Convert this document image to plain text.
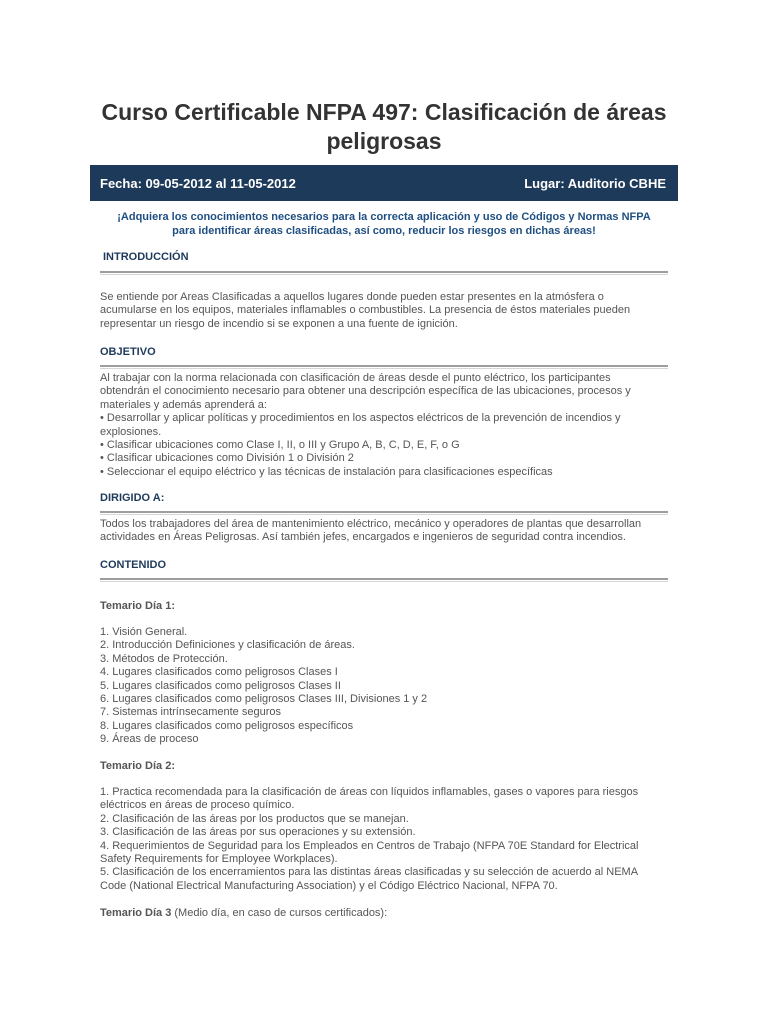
Curso Certificable NFPA 497: Clasificación de áreas peligrosas
Fecha: 09-05-2012 al 11-05-2012	Lugar: Auditorio CBHE
¡Adquiera los conocimientos necesarios para la correcta aplicación y uso de Códigos y Normas NFPA
para identificar áreas clasificadas, así como, reducir los riesgos en dichas áreas!
INTRODUCCIÓN
Se entiende por Areas Clasificadas a aquellos lugares donde pueden estar presentes en la atmósfera o
acumularse en los equipos, materiales inflamables o combustibles. La presencia de éstos materiales pueden
representar un riesgo de incendio si se exponen a una fuente de ignición.
OBJETIVO
Al trabajar con la norma relacionada con clasificación de áreas desde el punto eléctrico, los participantes
obtendrán el conocimiento necesario para obtener una descripción específica de las ubicaciones, procesos y
materiales y además aprenderá a:
• Desarrollar y aplicar políticas y procedimientos en los aspectos eléctricos de la prevención de incendios y
explosiones.
• Clasificar ubicaciones como Clase I, II, o III y Grupo A, B, C, D, E, F, o G
• Clasificar ubicaciones como División 1 o División 2
• Seleccionar el equipo eléctrico y las técnicas de instalación para clasificaciones específicas
DIRIGIDO A:
Todos los trabajadores del área de mantenimiento eléctrico, mecánico y operadores de plantas que desarrollan
actividades en Áreas Peligrosas. Así también jefes, encargados e ingenieros de seguridad contra incendios.
CONTENIDO
Temario Día 1:
1. Visión General.
2. Introducción Definiciones y clasificación de áreas.
3. Métodos de Protección.
4. Lugares clasificados como peligrosos Clases I
5. Lugares clasificados como peligrosos Clases II
6. Lugares clasificados como peligrosos Clases III, Divisiones 1 y 2
7. Sistemas intrínsecamente seguros
8. Lugares clasificados como peligrosos específicos
9. Áreas de proceso
Temario Día 2:
1. Practica recomendada para la clasificación de áreas con líquidos inflamables, gases o vapores para riesgos
eléctricos en áreas de proceso químico.
2. Clasificación de las áreas por los productos que se manejan.
3. Clasificación de las áreas por sus operaciones y su extensión.
4. Requerimientos de Seguridad para los Empleados en Centros de Trabajo (NFPA 70E Standard for Electrical
Safety Requirements for Employee Workplaces).
5. Clasificación de los encerramientos para las distintas áreas clasificadas y su selección de acuerdo al NEMA
Code (National Electrical Manufacturing Association) y el Código Eléctrico Nacional, NFPA 70.
Temario Día 3 (Medio día, en caso de cursos certificados):
